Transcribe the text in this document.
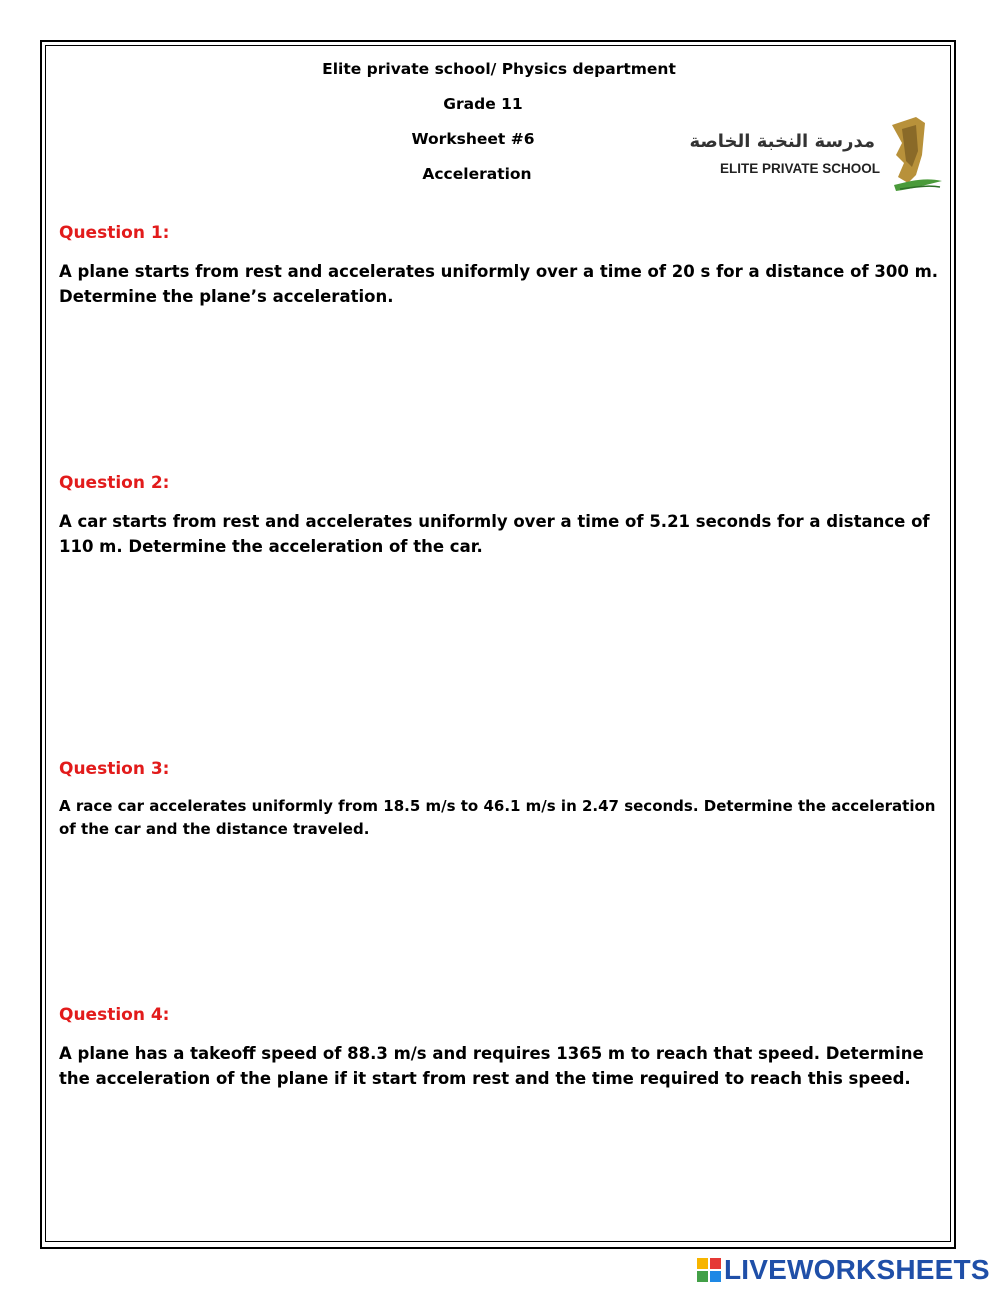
Elite private school/ Physics department
Grade 11
Worksheet #6
Acceleration
مدرسة النخبة الخاصة
ELITE PRIVATE SCHOOL
Question 1:
A plane starts from rest and accelerates uniformly over a time of 20 s for a distance of 300 m. Determine the plane’s acceleration.
Question 2:
A car starts from rest and accelerates uniformly over a time of 5.21 seconds for a distance of 110 m. Determine the acceleration of the car.
Question 3:
A race car accelerates uniformly from 18.5 m/s to 46.1 m/s in 2.47 seconds. Determine the acceleration of the car and the distance traveled.
Question 4:
A plane has a takeoff speed of 88.3 m/s and requires 1365 m to reach that speed. Determine the acceleration of the plane if it start from rest and the time required to reach this speed.
LIVEWORKSHEETS
